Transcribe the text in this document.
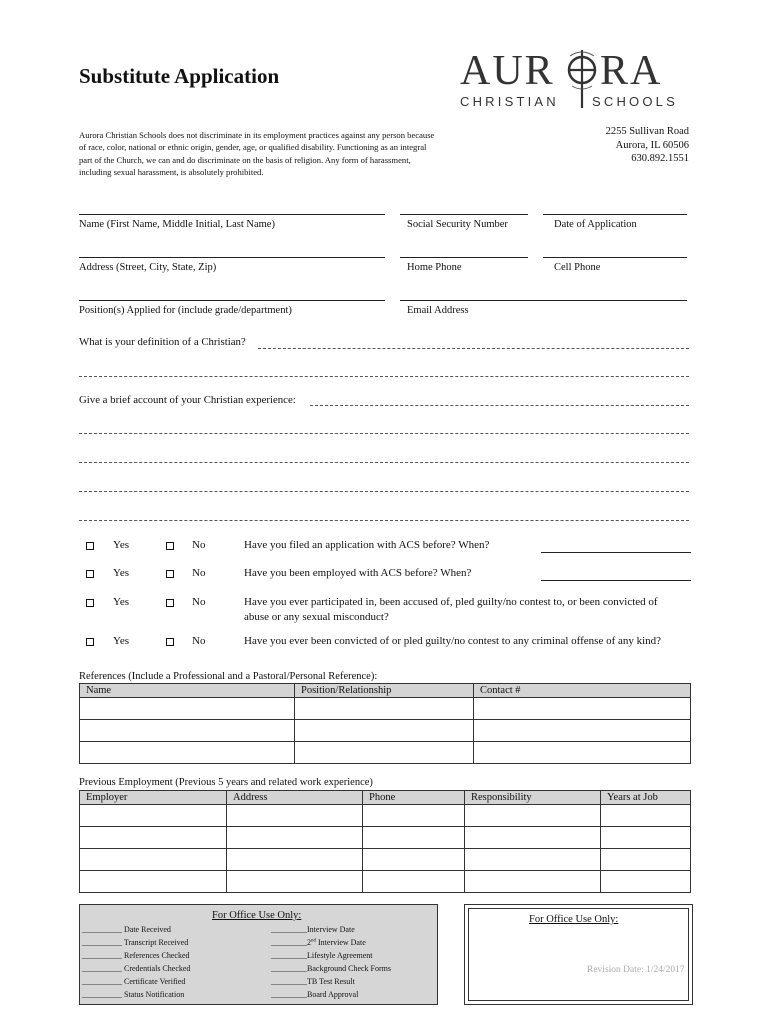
Substitute Application	AUR RA
CHRISTIAN	SCHOOLS
Aurora Christian Schools does not discriminate in its employment practices against any person because of race, color, national or ethnic origin, gender, age, or qualified disability. Functioning as an integral part of the Church, we can and do discriminate on the basis of religion. Any form of harassment, including sexual harassment, is absolutely prohibited.
2255 Sullivan Road
Aurora, IL 60506
630.892.1551
Name (First Name, Middle Initial, Last Name)	Social Security Number	Date of Application
Address (Street, City, State, Zip)	Home Phone	Cell Phone
Position(s) Applied for (include grade/department)	Email Address
What is your definition of a Christian?
Give a brief account of your Christian experience:
Yes	No	Have you filed an application with ACS before? When?
Yes	No	Have you been employed with ACS before? When?
Yes	No	Have you ever participated in, been accused of, pled guilty/no contest to, or been convicted of abuse or any sexual misconduct?
Yes	No	Have you ever been convicted of or pled guilty/no contest to any criminal offense of any kind?
References (Include a Professional and a Pastoral/Personal Reference):
Name	Position/Relationship	Contact #

Previous Employment (Previous 5 years and related work experience)
Employer	Address	Phone	Responsibility	Years at Job

For Office Use Only:
__________ Date Received
__________ Transcript Received
__________ References Checked
__________ Credentials Checked
__________ Certificate Verified
__________ Status Notification
_________Interview Date
_________2nd Interview Date
_________Lifestyle Agreement
_________Background Check Forms
_________TB Test Result
_________Board Approval
For Office Use Only:
Revision Date: 1/24/2017
